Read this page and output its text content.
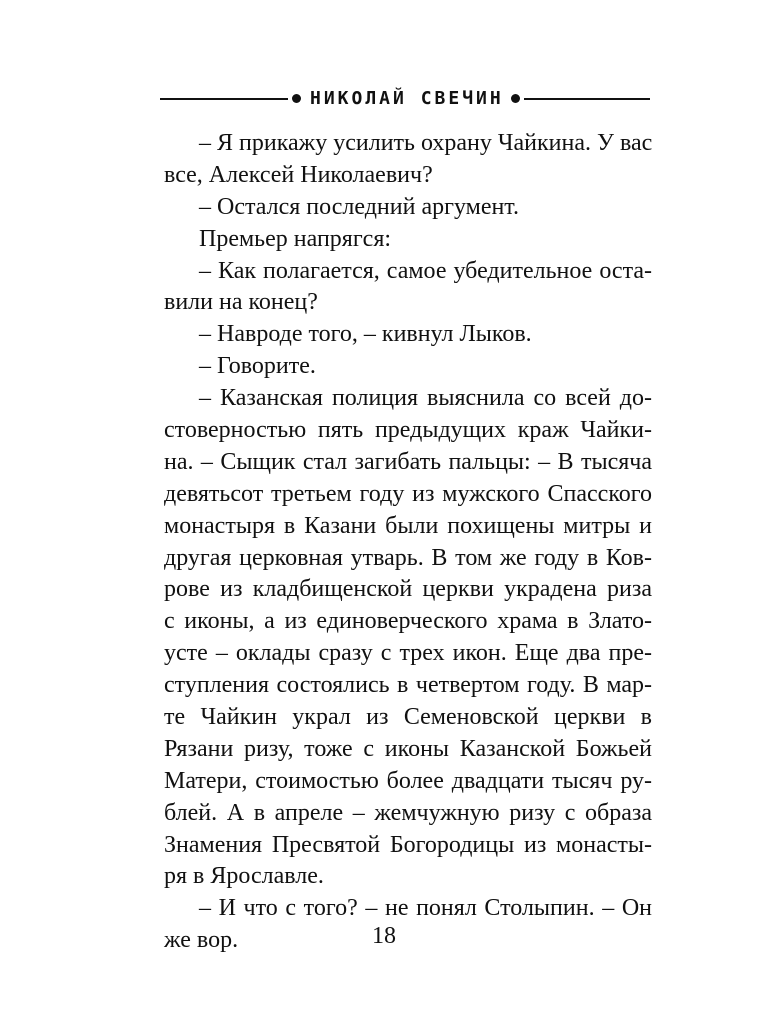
НИКОЛАЙ СВЕЧИН
– Я прикажу усилить охрану Чайкина. У вас
все, Алексей Николаевич?
– Остался последний аргумент.
Премьер напрягся:
– Как полагается, самое убедительное оста-
вили на конец?
– Навроде того, – кивнул Лыков.
– Говорите.
– Казанская полиция выяснила со всей до-
стоверностью пять предыдущих краж Чайки-
на. – Сыщик стал загибать пальцы: – В тысяча
девятьсот третьем году из мужского Спасского
монастыря в Казани были похищены митры и
другая церковная утварь. В том же году в Ков-
рове из кладбищенской церкви украдена риза
с иконы, а из единоверческого храма в Злато-
усте – оклады сразу с трех икон. Еще два пре-
ступления состоялись в четвертом году. В мар-
те Чайкин украл из Семеновской церкви в
Рязани ризу, тоже с иконы Казанской Божьей
Матери, стоимостью более двадцати тысяч ру-
блей. А в апреле – жемчужную ризу с образа
Знамения Пресвятой Богородицы из монасты-
ря в Ярославле.
– И что с того? – не понял Столыпин. – Он
же вор.	18
